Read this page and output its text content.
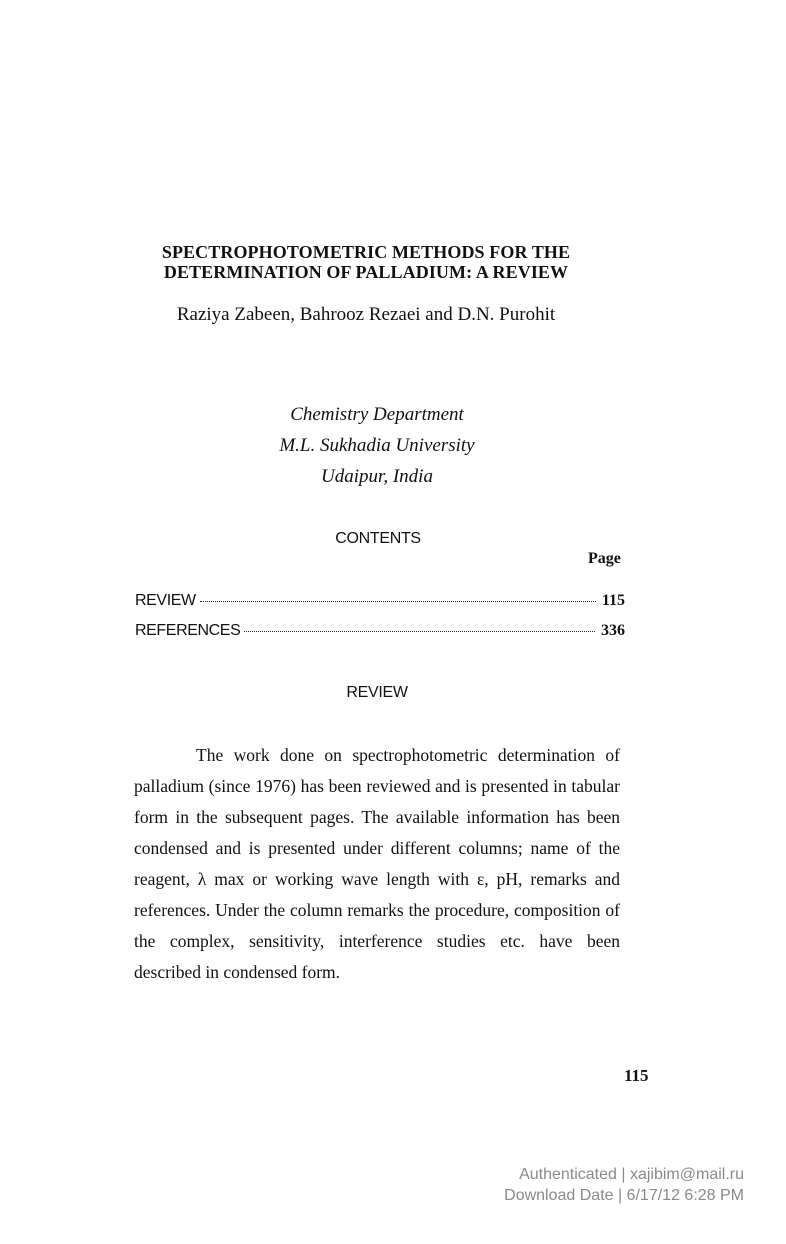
SPECTROPHOTOMETRIC METHODS FOR THE
DETERMINATION OF PALLADIUM: A REVIEW
Raziya Zabeen, Bahrooz Rezaei and D.N. Purohit
Chemistry Department
M.L. Sukhadia University
Udaipur, India
CONTENTS
Page
REVIEW	115
REFERENCES	336
REVIEW

The work done on spectrophotometric determination of palladium (since 1976) has been reviewed and is presented in tabular form in the subsequent pages. The available information has been condensed and is presented under different columns; name of the reagent, λ max or working wave length with ε, pH, remarks and references. Under the column remarks the procedure, composition of the complex, sensitivity, interference studies etc. have been described in condensed form.

115
Authenticated | xajibim@mail.ru
Download Date | 6/17/12 6:28 PM
